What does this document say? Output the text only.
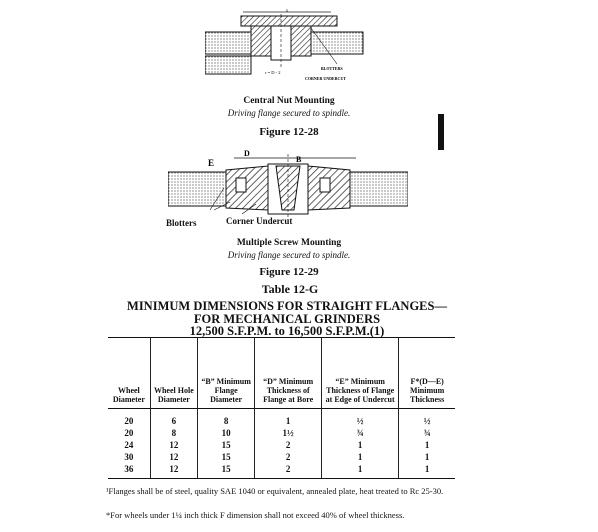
x
r = D - 2
BLOTTERS
CORNER UNDERCUT
Central Nut Mounting
Driving flange secured to spindle.
Figure 12-28
E
D
B
Blotters	Corner Undercut
Multiple Screw Mounting
Driving flange secured to spindle.
Figure 12-29
Table 12-G
MINIMUM DIMENSIONS FOR STRAIGHT FLANGES—
FOR MECHANICAL GRINDERS
12,500 S.F.P.M. to 16,500 S.F.P.M.(1)
Wheel Diameter	Wheel Hole Diameter	“B” Minimum Flange Diameter	“D” Minimum Thickness of Flange at Bore	“E” Minimum Thickness of Flange at Edge of Undercut	F*(D—E) Minimum Thickness
20	6	8	1	½	½
20	8	10	1½	¾	¾
24	12	15	2	1	1
30	12	15	2	1	1
36	12	15	2	1	1
¹Flanges shall be of steel, quality SAE 1040 or equivalent, annealed plate, heat treated to Rc 25-30.
*For wheels under 1¼ inch thick F dimension shall not exceed 40% of wheel thickness.
